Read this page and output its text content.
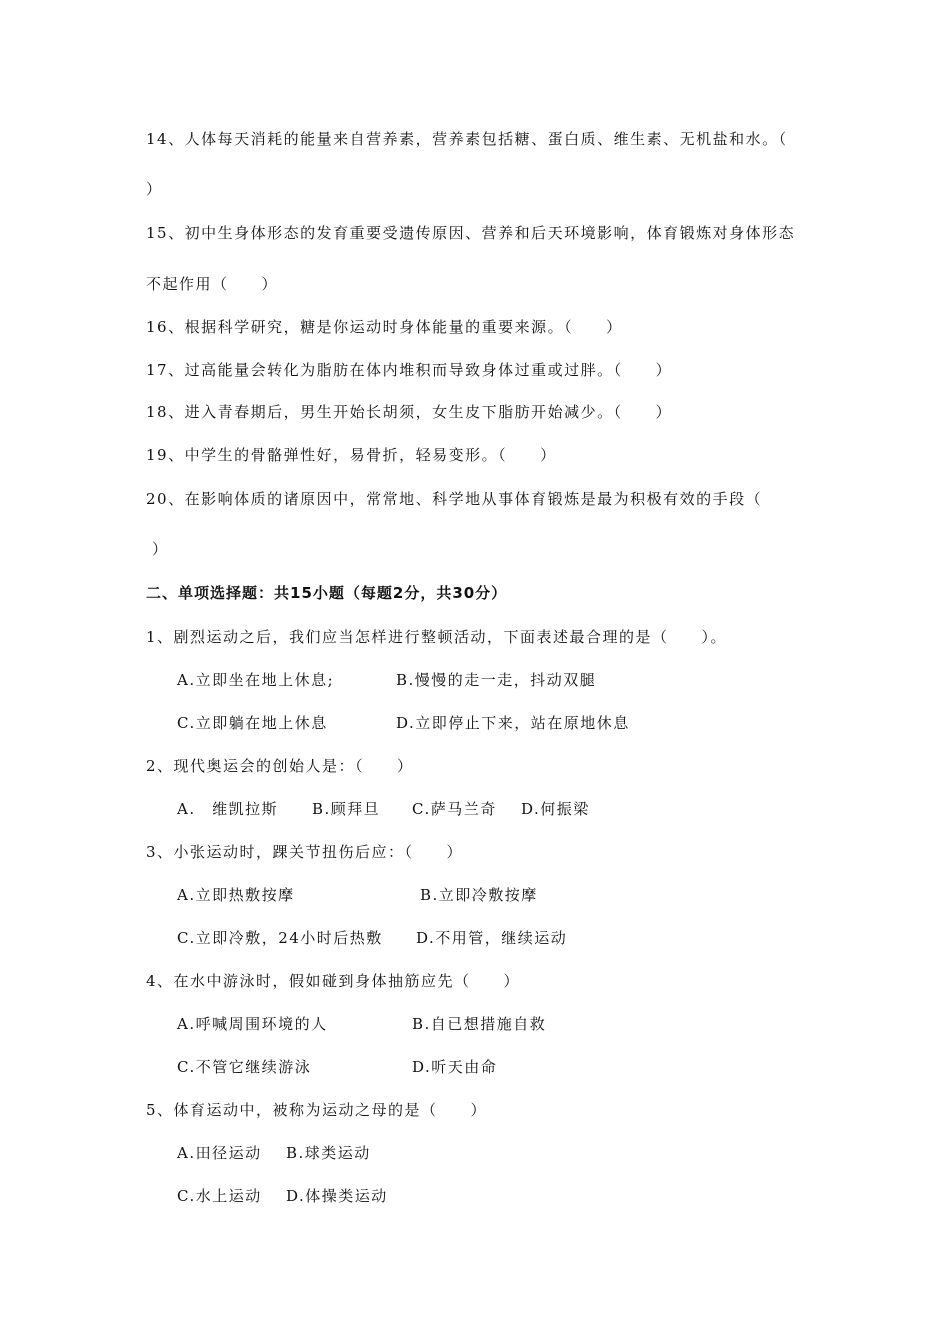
14、人体每天消耗的能量来自营养素，营养素包括糖、蛋白质、维生素、无机盐和水。（
）
15、初中生身体形态的发育重要受遗传原因、营养和后天环境影响，体育锻炼对身体形态
不起作用（　　）
16、根据科学研究，糖是你运动时身体能量的重要来源。（　　）
17、过高能量会转化为脂肪在体内堆积而导致身体过重或过胖。（　　）
18、进入青春期后，男生开始长胡须，女生皮下脂肪开始减少。（　　）
19、中学生的骨骼弹性好，易骨折，轻易变形。（　　）
20、在影响体质的诸原因中，常常地、科学地从事体育锻炼是最为积极有效的手段（
）
二、单项选择题：共15小题（每题2分，共30分）
1、剧烈运动之后，我们应当怎样进行整顿活动，下面表述最合理的是（　　）。
A.立即坐在地上休息;	B.慢慢的走一走，抖动双腿
C.立即躺在地上休息	D.立即停止下来，站在原地休息
2、现代奥运会的创始人是：（　　）
A.　维凯拉斯 B.顾拜旦 C.萨马兰奇 D.何振梁
3、小张运动时，踝关节扭伤后应：（　　）
A.立即热敷按摩	B.立即冷敷按摩
C.立即冷敷，24小时后热敷 D.不用管，继续运动
4、在水中游泳时，假如碰到身体抽筋应先（　　）
A.呼喊周围环境的人	B.自已想措施自救
C.不管它继续游泳	D.听天由命
5、体育运动中，被称为运动之母的是（　　）
A.田径运动 B.球类运动
C.水上运动 D.体操类运动
